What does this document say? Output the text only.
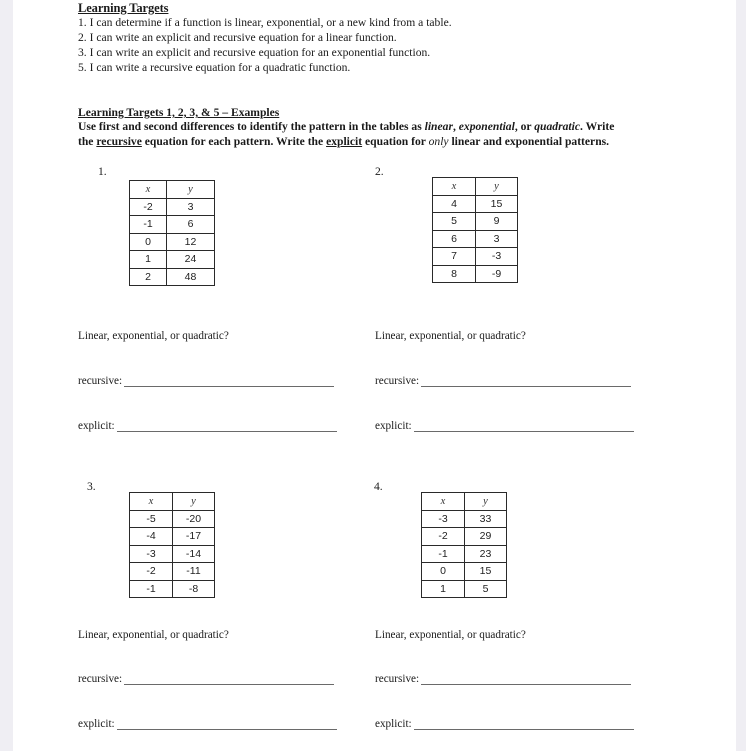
Learning Targets
1. I can determine if a function is linear, exponential, or a new kind from a table.
2. I can write an explicit and recursive equation for a linear function.
3. I can write an explicit and recursive equation for an exponential function.
5. I can write a recursive equation for a quadratic function.
Learning Targets 1, 2, 3, & 5 – Examples
Use first and second differences to identify the pattern in the tables as linear, exponential, or quadratic. Write
the recursive equation for each pattern. Write the explicit equation for only linear and exponential patterns.
1.
x	y
-2	3
-1	6
0	12
1	24
2	48
Linear, exponential, or quadratic?
recursive:
explicit:
2.
x	y
4	15
5	9
6	3
7	-3
8	-9
Linear, exponential, or quadratic?
recursive:
explicit:
3.
x	y
-5	-20
-4	-17
-3	-14
-2	-11
-1	-8
Linear, exponential, or quadratic?
recursive:
explicit:
4.
x	y
-3	33
-2	29
-1	23
0	15
1	5
Linear, exponential, or quadratic?
recursive:
explicit:
